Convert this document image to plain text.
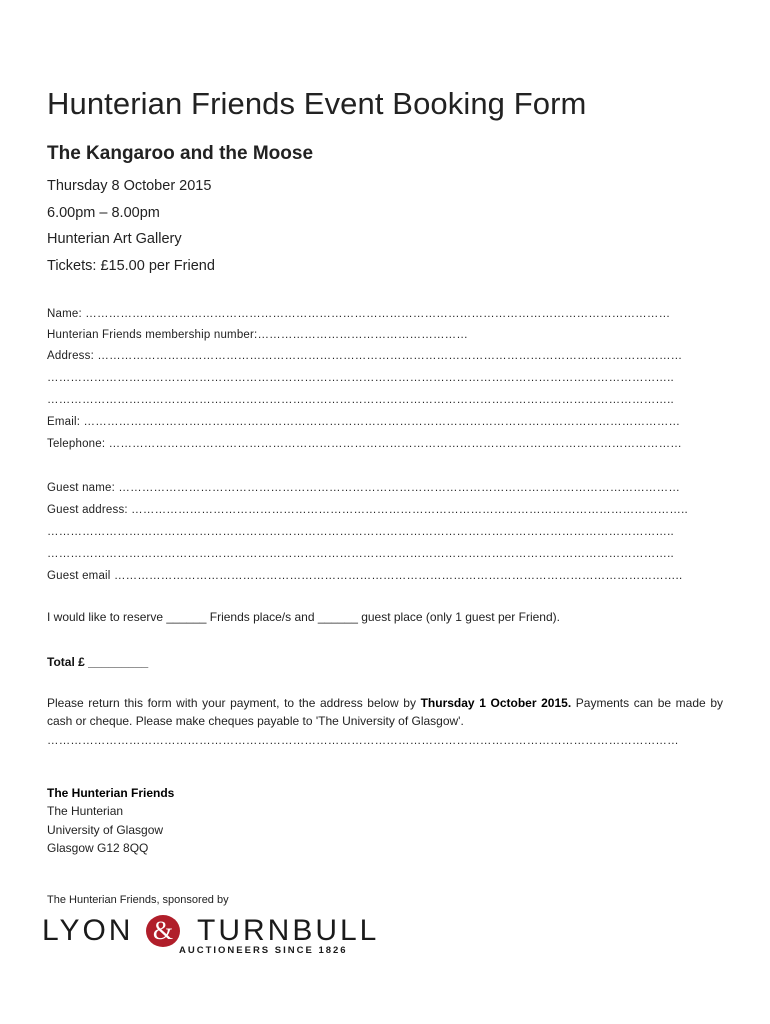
Hunterian Friends Event Booking Form
The Kangaroo and the Moose
Thursday 8 October 2015
6.00pm – 8.00pm
Hunterian Art Gallery
Tickets: £15.00 per Friend
Name: ……………………………………………………………………………………………………………………………………
Hunterian Friends membership number:………………………………………………
Address: ……………………………………………………………………………………………………………………………………
……………………………………………………………………………………………………………………………………………..
……………………………………………………………………………………………………………………………………………..
Email: ………………………………………………………………………………………………………………………………………
Telephone: …………………………………………………………………………………………………………………………………
Guest name: ………………………………………………………………………………………………………………………………
Guest address: ……………………………………………………………………………………………………………………………..
……………………………………………………………………………………………………………………………………………..
……………………………………………………………………………………………………………………………………………..
Guest email ………………………………………………………………………………………………………………………………..
I would like to reserve ______ Friends place/s and ______ guest place (only 1 guest per Friend).
Total £ _________
Please return this form with your payment, to the address below by Thursday 1 October 2015. Payments can be made by cash or cheque. Please make cheques payable to 'The University of Glasgow'.
………………………………………………………………………………………………………………………………………………
The Hunterian Friends
The Hunterian
University of Glasgow
Glasgow G12 8QQ
The Hunterian Friends, sponsored by
LYON & TURNBULL
AUCTIONEERS SINCE 1826
